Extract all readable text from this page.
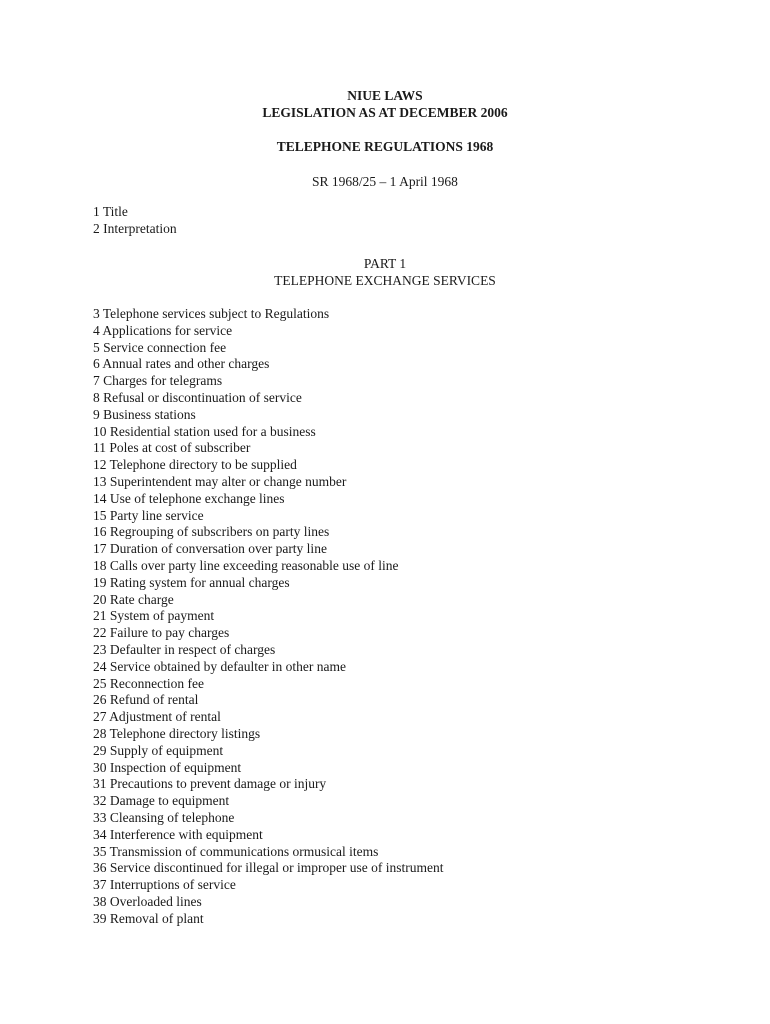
NIUE LAWS
LEGISLATION AS AT DECEMBER 2006
TELEPHONE REGULATIONS 1968
SR 1968/25 – 1 April 1968
1 Title
2 Interpretation
PART 1
TELEPHONE EXCHANGE SERVICES
3 Telephone services subject to Regulations
4 Applications for service
5 Service connection fee
6 Annual rates and other charges
7 Charges for telegrams
8 Refusal or discontinuation of service
9 Business stations
10 Residential station used for a business
11 Poles at cost of subscriber
12 Telephone directory to be supplied
13 Superintendent may alter or change number
14 Use of telephone exchange lines
15 Party line service
16 Regrouping of subscribers on party lines
17 Duration of conversation over party line
18 Calls over party line exceeding reasonable use of line
19 Rating system for annual charges
20 Rate charge
21 System of payment
22 Failure to pay charges
23 Defaulter in respect of charges
24 Service obtained by defaulter in other name
25 Reconnection fee
26 Refund of rental
27 Adjustment of rental
28 Telephone directory listings
29 Supply of equipment
30 Inspection of equipment
31 Precautions to prevent damage or injury
32 Damage to equipment
33 Cleansing of telephone
34 Interference with equipment
35 Transmission of communications ormusical items
36 Service discontinued for illegal or improper use of instrument
37 Interruptions of service
38 Overloaded lines
39 Removal of plant
